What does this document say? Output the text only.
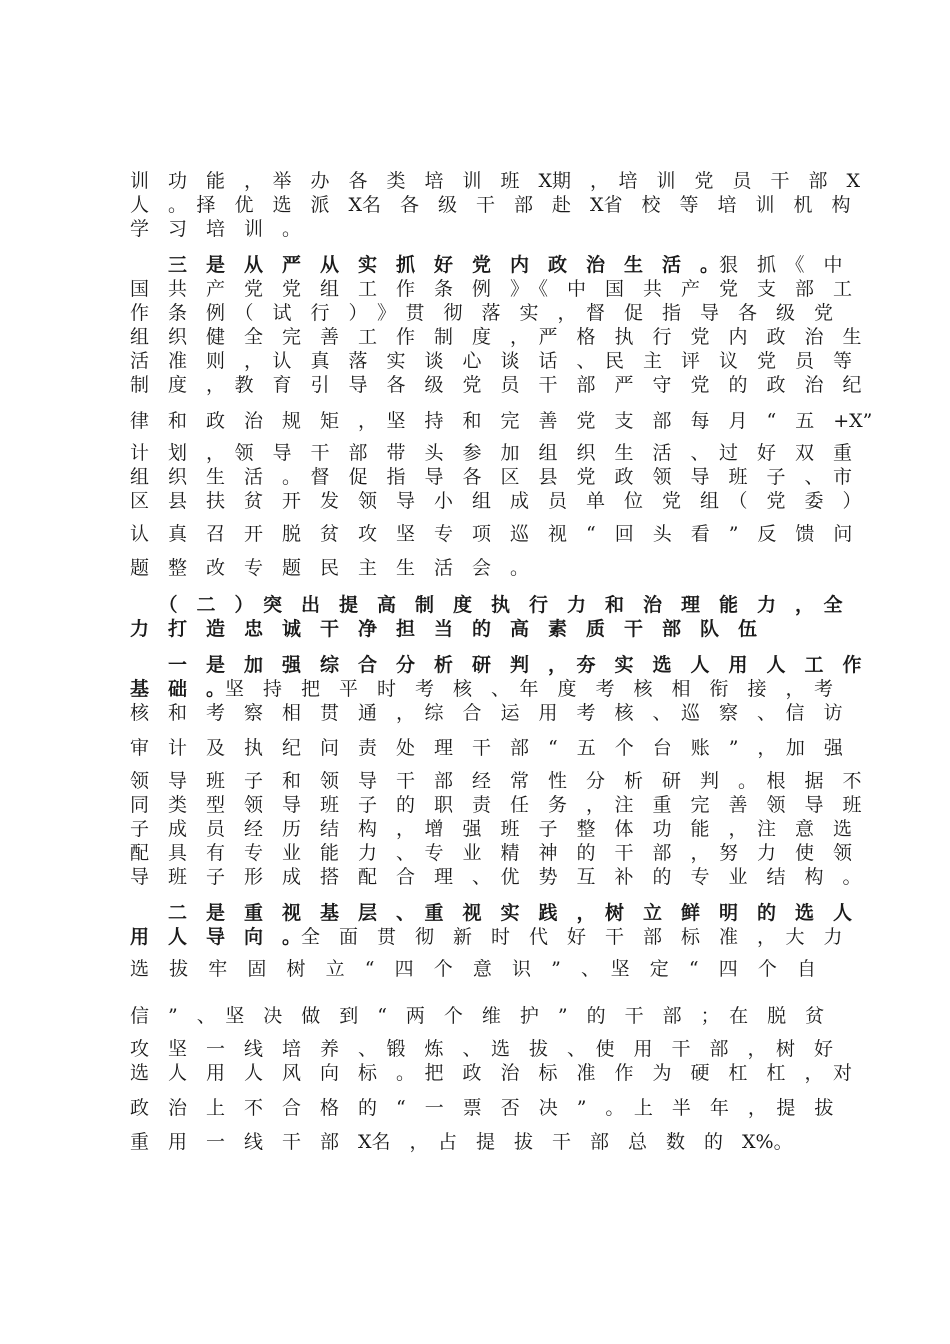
训　功　能　，　举　办　各　类　培　训　班　X期　，　培　训　党　员　干　部　X
人　。　择　优　选　派　X名　各　级　干　部　赴　X省　校　等　培　训　机　构
学　习　培　训　。
　　三　是　从　严　从　实　抓　好　党　内　政　治　生　活　。狠　抓　《　中
国　共　产　党　党　组　工　作　条　例　》　《　中　国　共　产　党　支　部　工
作　条　例　（　试　行　）　》　贯　彻　落　实　，　督　促　指　导　各　级　党
组　织　健　全　完　善　工　作　制　度　，　严　格　执　行　党　内　政　治　生
活　准　则　，　认　真　落　实　谈　心　谈　话　、　民　主　评　议　党　员　等
制　度　，　教　育　引　导　各　级　党　员　干　部　严　守　党　的　政　治　纪
律　和　政　治　规　矩　，　坚　持　和　完　善　党　支　部　每　月　“　五　+X”
计　划　，　领　导　干　部　带　头　参　加　组　织　生　活　、　过　好　双　重
组　织　生　活　。　督　促　指　导　各　区　县　党　政　领　导　班　子　、　市
区　县　扶　贫　开　发　领　导　小　组　成　员　单　位　党　组　（　党　委　）
认　真　召　开　脱　贫　攻　坚　专　项　巡　视　“　回　头　看　”　反　馈　问
题　整　改　专　题　民　主　生　活　会　。
　　（　二　）　突　出　提　高　制　度　执　行　力　和　治　理　能　力　，　全
力　打　造　忠　诚　干　净　担　当　的　高　素　质　干　部　队　伍
　　一　是　加　强　综　合　分　析　研　判　，　夯　实　选　人　用　人　工　作
基　础　。坚　持　把　平　时　考　核　、　年　度　考　核　相　衔　接　，　考
核　和　考　察　相　贯　通　，　综　合　运　用　考　核　、　巡　察　、　信　访
审　计　及　执　纪　问　责　处　理　干　部　“　五　个　台　账　”　，　加　强
领　导　班　子　和　领　导　干　部　经　常　性　分　析　研　判　。　根　据　不
同　类　型　领　导　班　子　的　职　责　任　务　，　注　重　完　善　领　导　班
子　成　员　经　历　结　构　，　增　强　班　子　整　体　功　能　，　注　意　选
配　具　有　专　业　能　力　、　专　业　精　神　的　干　部　，　努　力　使　领
导　班　子　形　成　搭　配　合　理　、　优　势　互　补　的　专　业　结　构　。
　　二　是　重　视　基　层　、　重　视　实　践　，　树　立　鲜　明　的　选　人
用　人　导　向　。全　面　贯　彻　新　时　代　好　干　部　标　准　，　大　力
选　拔　牢　固　树　立　“　四　个　意　识　”　、　坚　定　“　四　个　自
信　”　、　坚　决　做　到　“　两　个　维　护　”　的　干　部　；　在　脱　贫
攻　坚　一　线　培　养　、　锻　炼　、　选　拔　、　使　用　干　部　，　树　好
选　人　用　人　风　向　标　。　把　政　治　标　准　作　为　硬　杠　杠　，　对
政　治　上　不　合　格　的　“　一　票　否　决　”　。　上　半　年　，　提　拔
重　用　一　线　干　部　X名　，　占　提　拔　干　部　总　数　的　X%。
